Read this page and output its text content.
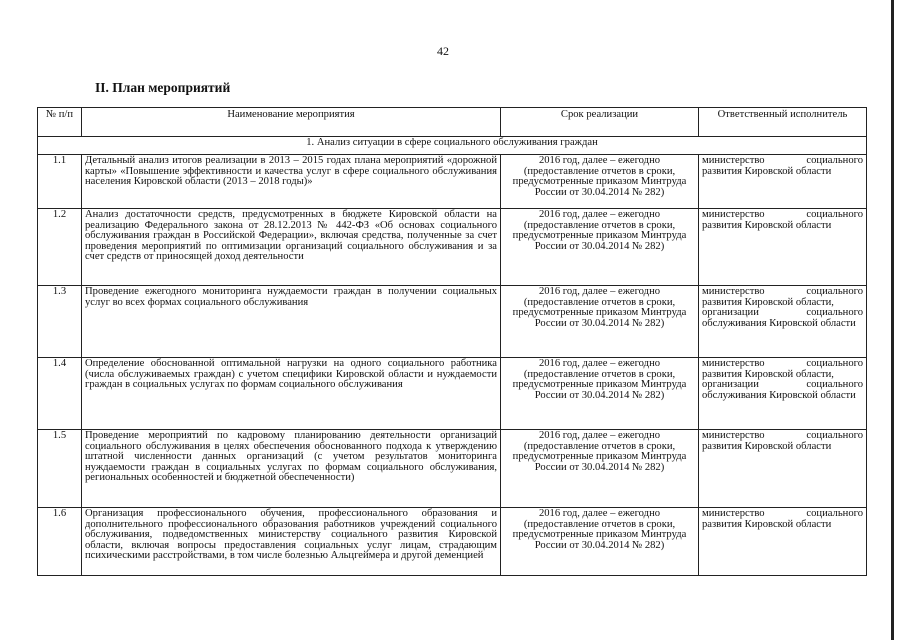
42
II. План мероприятий
№ п/п	Наименование мероприятия	Срок реализации	Ответственный исполнитель
1. Анализ ситуации в сфере социального обслуживания граждан			
1.1	Детальный анализ итогов реализации в 2013 – 2015 годах плана мероприятий «дорожной карты» «Повышение эффективности и качества услуг в сфере социального обслуживания населения Кировской области (2013 – 2018 годы)»	2016 год, далее – ежегодно (предоставление отчетов в сроки, предусмотренные приказом Минтруда России от 30.04.2014 № 282)	министерство социального развития Кировской области

1.2	Анализ достаточности средств, предусмотренных в бюджете Кировской области на реализацию Федерального закона от 28.12.2013 № 442-ФЗ «Об основах социального обслуживания граждан в Российской Федерации», включая средства, полученные за счет проведения мероприятий по оптимизации организаций социального обслуживания и за счет средств от приносящей доход деятельности	2016 год, далее – ежегодно (предоставление отчетов в сроки, предусмотренные приказом Минтруда России от 30.04.2014 № 282)	министерство социального развития Кировской области

1.3	Проведение ежегодного мониторинга нуждаемости граждан в получении социальных услуг во всех формах социального обслуживания	2016 год, далее – ежегодно (предоставление отчетов в сроки, предусмотренные приказом Минтруда России от 30.04.2014 № 282)	министерство социального развития Кировской области,
организации социального обслуживания Кировской области

1.4	Определение обоснованной оптимальной нагрузки на одного социального работника (числа обслуживаемых граждан) с учетом специфики Кировской области и нуждаемости граждан в социальных услугах по формам социального обслуживания	2016 год, далее – ежегодно (предоставление отчетов в сроки, предусмотренные приказом Минтруда России от 30.04.2014 № 282)	министерство социального развития Кировской области,
организации социального обслуживания Кировской области

1.5	Проведение мероприятий по кадровому планированию деятельности организаций социального обслуживания в целях обеспечения обоснованного подхода к утверждению штатной численности данных организаций (с учетом результатов мониторинга нуждаемости граждан в социальных услугах по формам социального обслуживания, региональных особенностей и бюджетной обеспеченности)	2016 год, далее – ежегодно (предоставление отчетов в сроки, предусмотренные приказом Минтруда России от 30.04.2014 № 282)	министерство социального развития Кировской области

1.6	Организация профессионального обучения, профессионального образования и дополнительного профессионального образования работников учреждений социального обслуживания, подведомственных министерству социального развития Кировской области, включая вопросы предоставления социальных услуг лицам, страдающим психическими расстройствами, в том числе болезнью Альцгеймера и другой деменцией	2016 год, далее – ежегодно (предоставление отчетов в сроки, предусмотренные приказом Минтруда России от 30.04.2014 № 282)	министерство социального развития Кировской области
